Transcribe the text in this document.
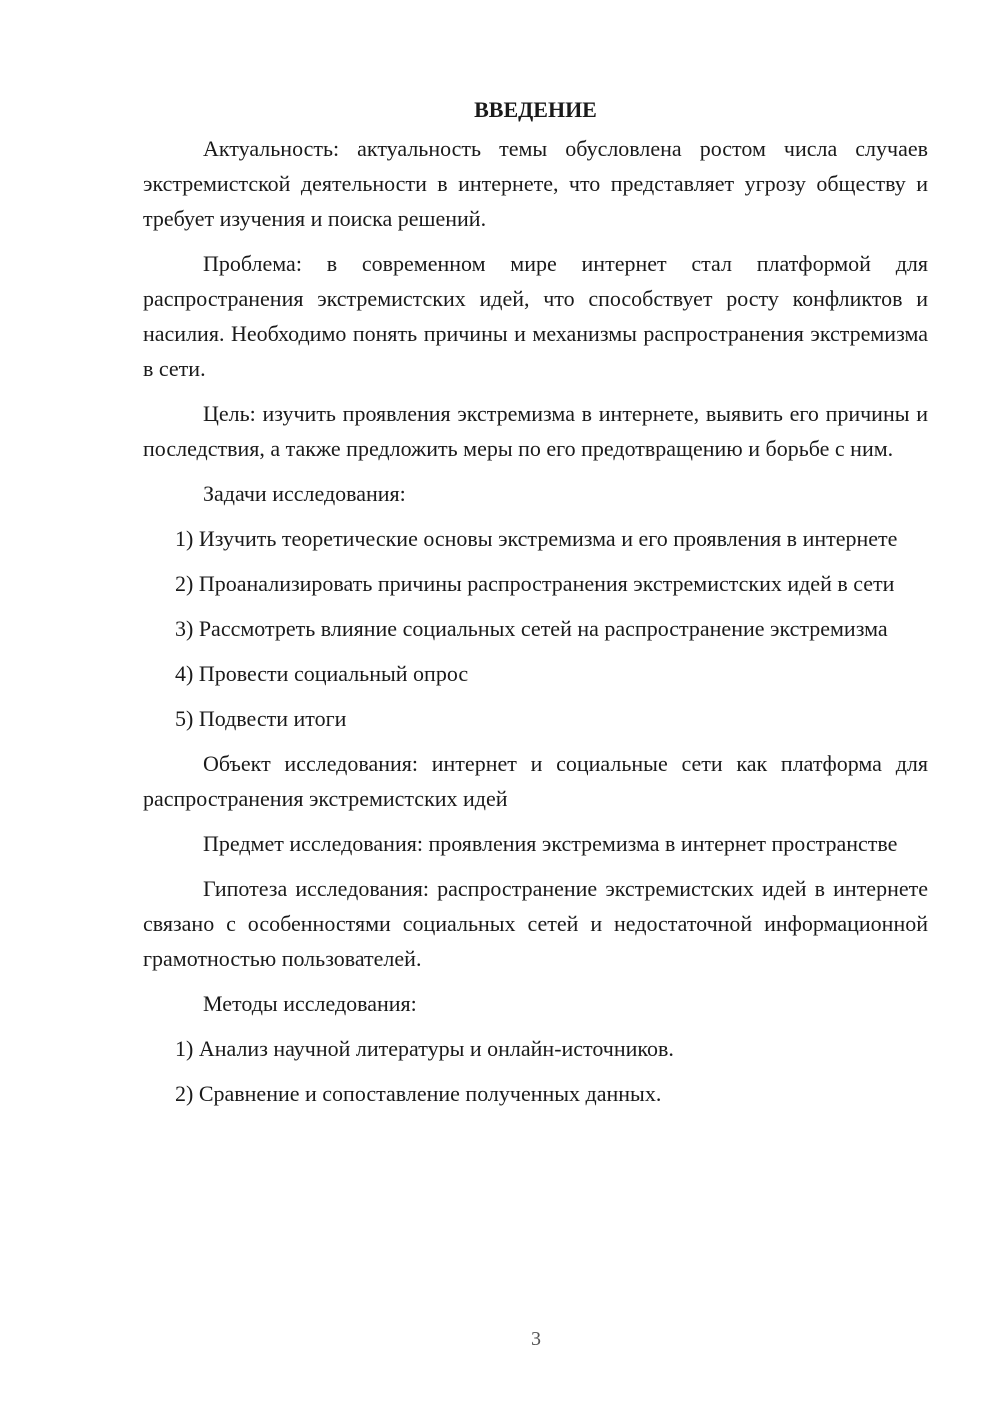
ВВЕДЕНИЕ

Актуальность: актуальность темы обусловлена ростом числа случаев экстремистской деятельности в интернете, что представляет угрозу обществу и требует изучения и поиска решений.

Проблема: в современном мире интернет стал платформой для распространения экстремистских идей, что способствует росту конфликтов и насилия. Необходимо понять причины и механизмы распространения экстремизма в сети.

Цель: изучить проявления экстремизма в интернете, выявить его причины и последствия, а также предложить меры по его предотвращению и борьбе с ним.

Задачи исследования:

1) Изучить теоретические основы экстремизма и его проявления в интернете

2) Проанализировать причины распространения экстремистских идей в сети

3) Рассмотреть влияние социальных сетей на распространение экстремизма

4) Провести социальный опрос

5) Подвести итоги

Объект исследования: интернет и социальные сети как платформа для распространения экстремистских идей

Предмет исследования: проявления экстремизма в интернет пространстве

Гипотеза исследования: распространение экстремистских идей в интернете связано с особенностями социальных сетей и недостаточной информационной грамотностью пользователей.

Методы исследования:

1) Анализ научной литературы и онлайн-источников.

2) Сравнение и сопоставление полученных данных.

3
